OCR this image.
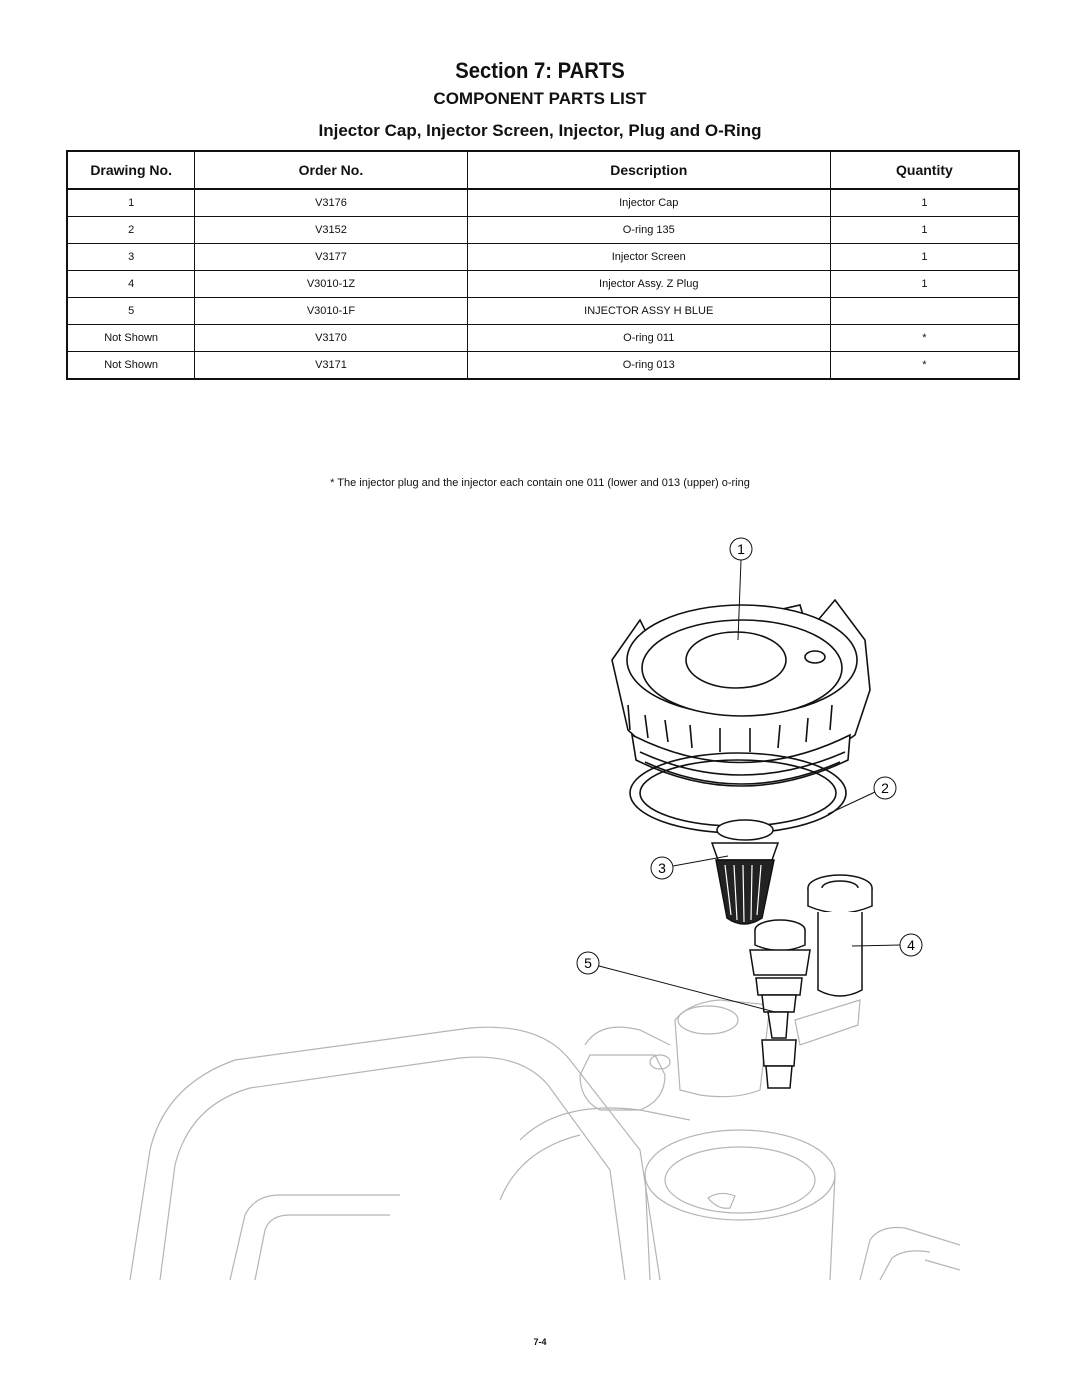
Section 7: PARTS
COMPONENT PARTS LIST
Injector Cap, Injector Screen, Injector, Plug and O-Ring
Drawing No.	Order No.	Description	Quantity
1	V3176	Injector Cap	1
2	V3152	O-ring 135	1
3	V3177	Injector Screen	1
4	V3010-1Z	Injector Assy. Z Plug	1
5	V3010-1F	INJECTOR ASSY H BLUE	
Not Shown	V3170	O-ring 011	*
Not Shown	V3171	O-ring 013	*
* The injector plug and the injector each contain one 011 (lower and 013 (upper) o-ring
1
2
3
4
5
7-4
